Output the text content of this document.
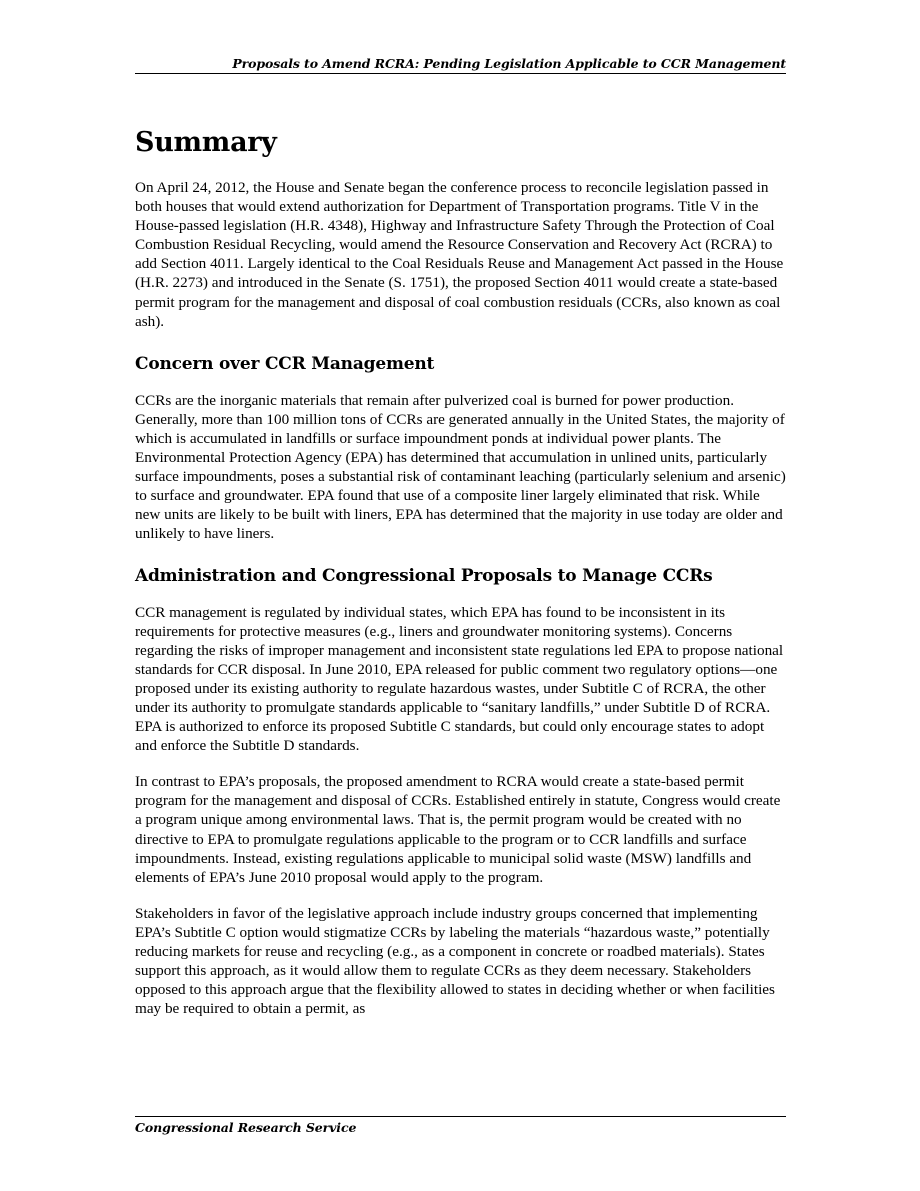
Proposals to Amend RCRA: Pending Legislation Applicable to CCR Management
Summary

On April 24, 2012, the House and Senate began the conference process to reconcile legislation passed in both houses that would extend authorization for Department of Transportation programs. Title V in the House-passed legislation (H.R. 4348), Highway and Infrastructure Safety Through the Protection of Coal Combustion Residual Recycling, would amend the Resource Conservation and Recovery Act (RCRA) to add Section 4011. Largely identical to the Coal Residuals Reuse and Management Act passed in the House (H.R. 2273) and introduced in the Senate (S. 1751), the proposed Section 4011 would create a state-based permit program for the management and disposal of coal combustion residuals (CCRs, also known as coal ash).

Concern over CCR Management

CCRs are the inorganic materials that remain after pulverized coal is burned for power production. Generally, more than 100 million tons of CCRs are generated annually in the United States, the majority of which is accumulated in landfills or surface impoundment ponds at individual power plants. The Environmental Protection Agency (EPA) has determined that accumulation in unlined units, particularly surface impoundments, poses a substantial risk of contaminant leaching (particularly selenium and arsenic) to surface and groundwater. EPA found that use of a composite liner largely eliminated that risk. While new units are likely to be built with liners, EPA has determined that the majority in use today are older and unlikely to have liners.

Administration and Congressional Proposals to Manage CCRs

CCR management is regulated by individual states, which EPA has found to be inconsistent in its requirements for protective measures (e.g., liners and groundwater monitoring systems). Concerns regarding the risks of improper management and inconsistent state regulations led EPA to propose national standards for CCR disposal. In June 2010, EPA released for public comment two regulatory options—one proposed under its existing authority to regulate hazardous wastes, under Subtitle C of RCRA, the other under its authority to promulgate standards applicable to “sanitary landfills,” under Subtitle D of RCRA. EPA is authorized to enforce its proposed Subtitle C standards, but could only encourage states to adopt and enforce the Subtitle D standards.

In contrast to EPA’s proposals, the proposed amendment to RCRA would create a state-based permit program for the management and disposal of CCRs. Established entirely in statute, Congress would create a program unique among environmental laws. That is, the permit program would be created with no directive to EPA to promulgate regulations applicable to the program or to CCR landfills and surface impoundments. Instead, existing regulations applicable to municipal solid waste (MSW) landfills and elements of EPA’s June 2010 proposal would apply to the program.

Stakeholders in favor of the legislative approach include industry groups concerned that implementing EPA’s Subtitle C option would stigmatize CCRs by labeling the materials “hazardous waste,” potentially reducing markets for reuse and recycling (e.g., as a component in concrete or roadbed materials). States support this approach, as it would allow them to regulate CCRs as they deem necessary. Stakeholders opposed to this approach argue that the flexibility allowed to states in deciding whether or when facilities may be required to obtain a permit, as

Congressional Research Service
